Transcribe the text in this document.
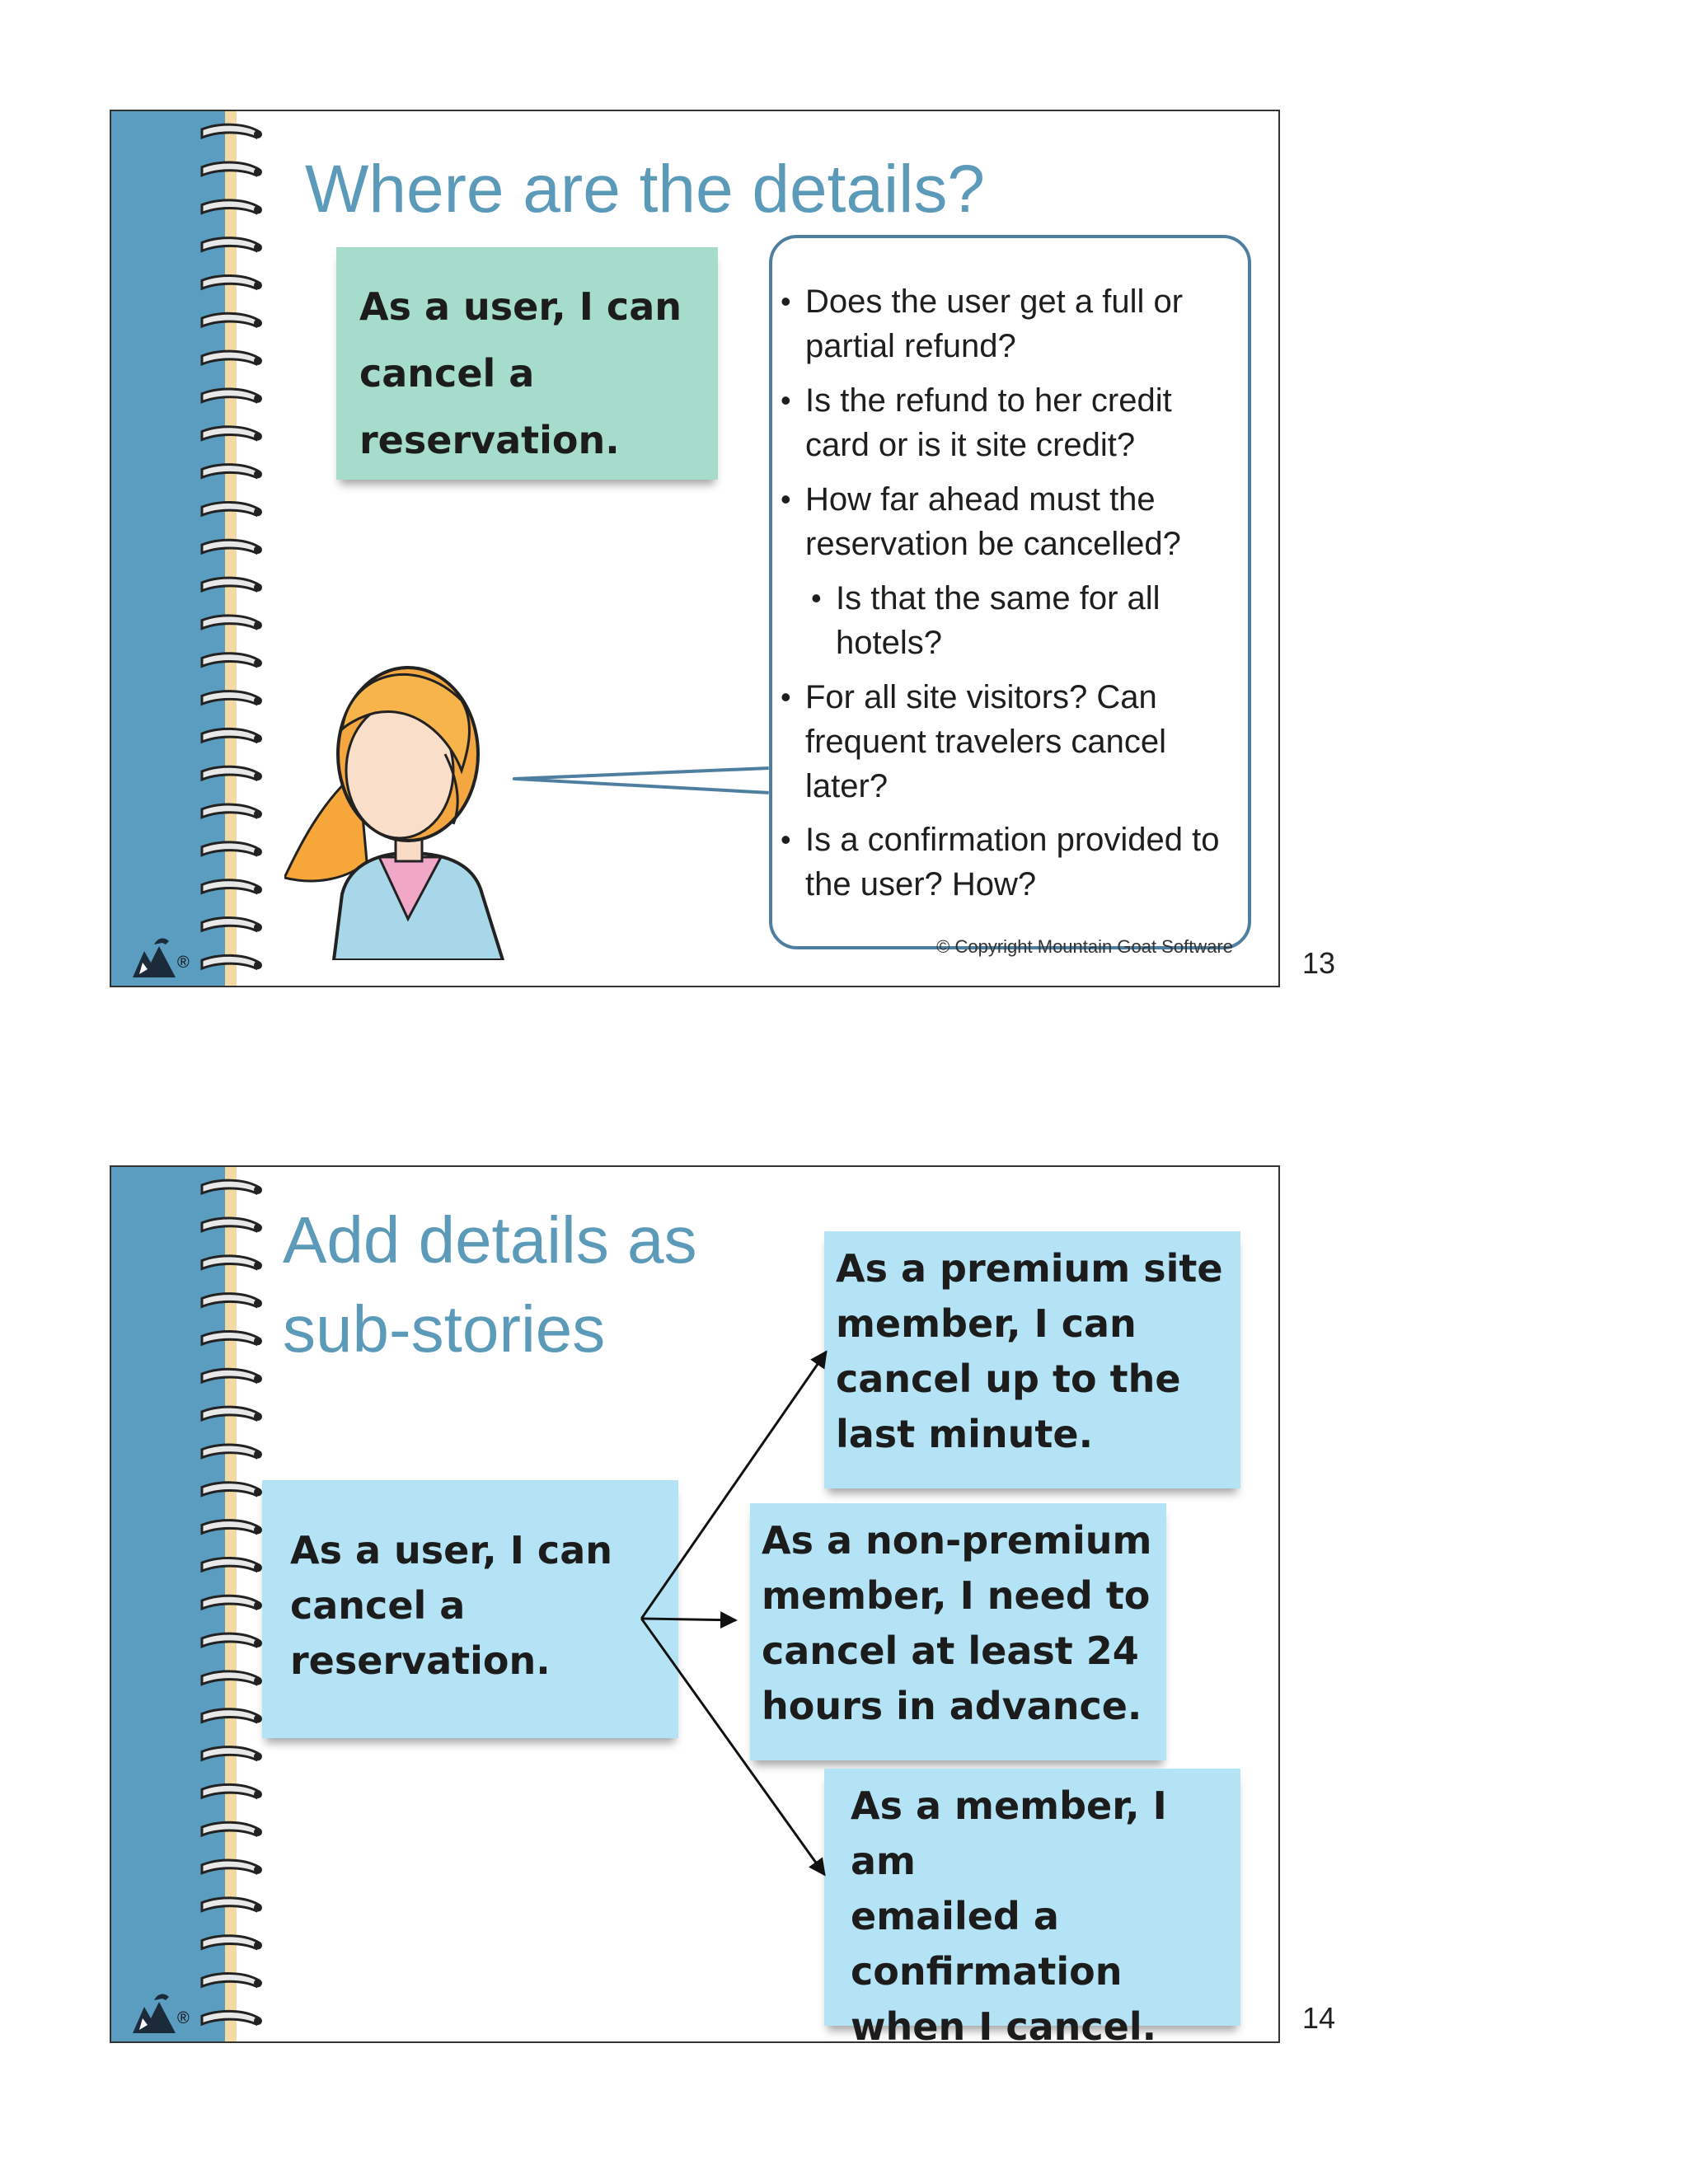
Where are the details?
As a user, I can
cancel a
reservation.
• Does the user get a full or partial refund?
• Is the refund to her credit card or is it site credit?
• How far ahead must the reservation be cancelled?
• Is that the same for all hotels?
• For all site visitors? Can frequent travelers cancel later?
• Is a confirmation provided to the user? How?
© Copyright Mountain Goat Software
®	13
Add details as
sub-stories
As a user, I can
cancel a
reservation.
As a premium site
member, I can
cancel up to the
last minute.
As a non-premium
member, I need to
cancel at least 24
hours in advance.
As a member, I am
emailed a
confirmation
when I cancel.
®	14
